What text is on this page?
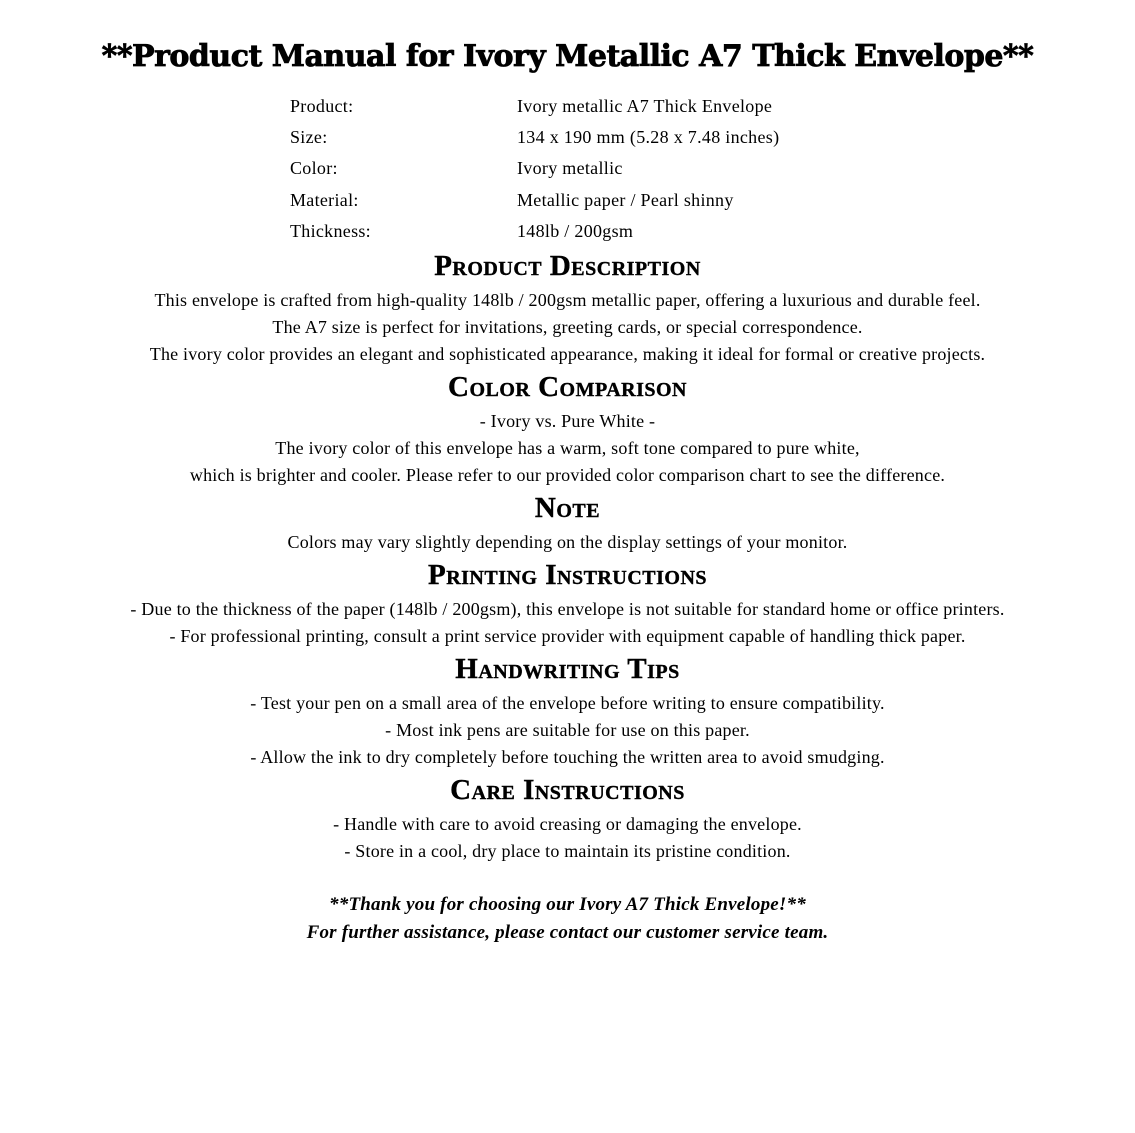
**Product Manual for Ivory Metallic A7 Thick Envelope**
Product:	Ivory metallic A7 Thick Envelope
Size:	134 x 190 mm (5.28 x 7.48 inches)
Color:	Ivory metallic
Material:	Metallic paper / Pearl shinny
Thickness:	148lb / 200gsm
Product Description

This envelope is crafted from high-quality 148lb / 200gsm metallic paper, offering a luxurious and durable feel.

The A7 size is perfect for invitations, greeting cards, or special correspondence.

The ivory color provides an elegant and sophisticated appearance, making it ideal for formal or creative projects.

Color Comparison

- Ivory vs. Pure White -

The ivory color of this envelope has a warm, soft tone compared to pure white,

which is brighter and cooler. Please refer to our provided color comparison chart to see the difference.

Note

Colors may vary slightly depending on the display settings of your monitor.

Printing Instructions

- Due to the thickness of the paper (148lb / 200gsm), this envelope is not suitable for standard home or office printers.

- For professional printing, consult a print service provider with equipment capable of handling thick paper.

Handwriting Tips

- Test your pen on a small area of the envelope before writing to ensure compatibility.

- Most ink pens are suitable for use on this paper.

- Allow the ink to dry completely before touching the written area to avoid smudging.

Care Instructions

- Handle with care to avoid creasing or damaging the envelope.

- Store in a cool, dry place to maintain its pristine condition.

**Thank you for choosing our Ivory A7 Thick Envelope!**

For further assistance, please contact our customer service team.
